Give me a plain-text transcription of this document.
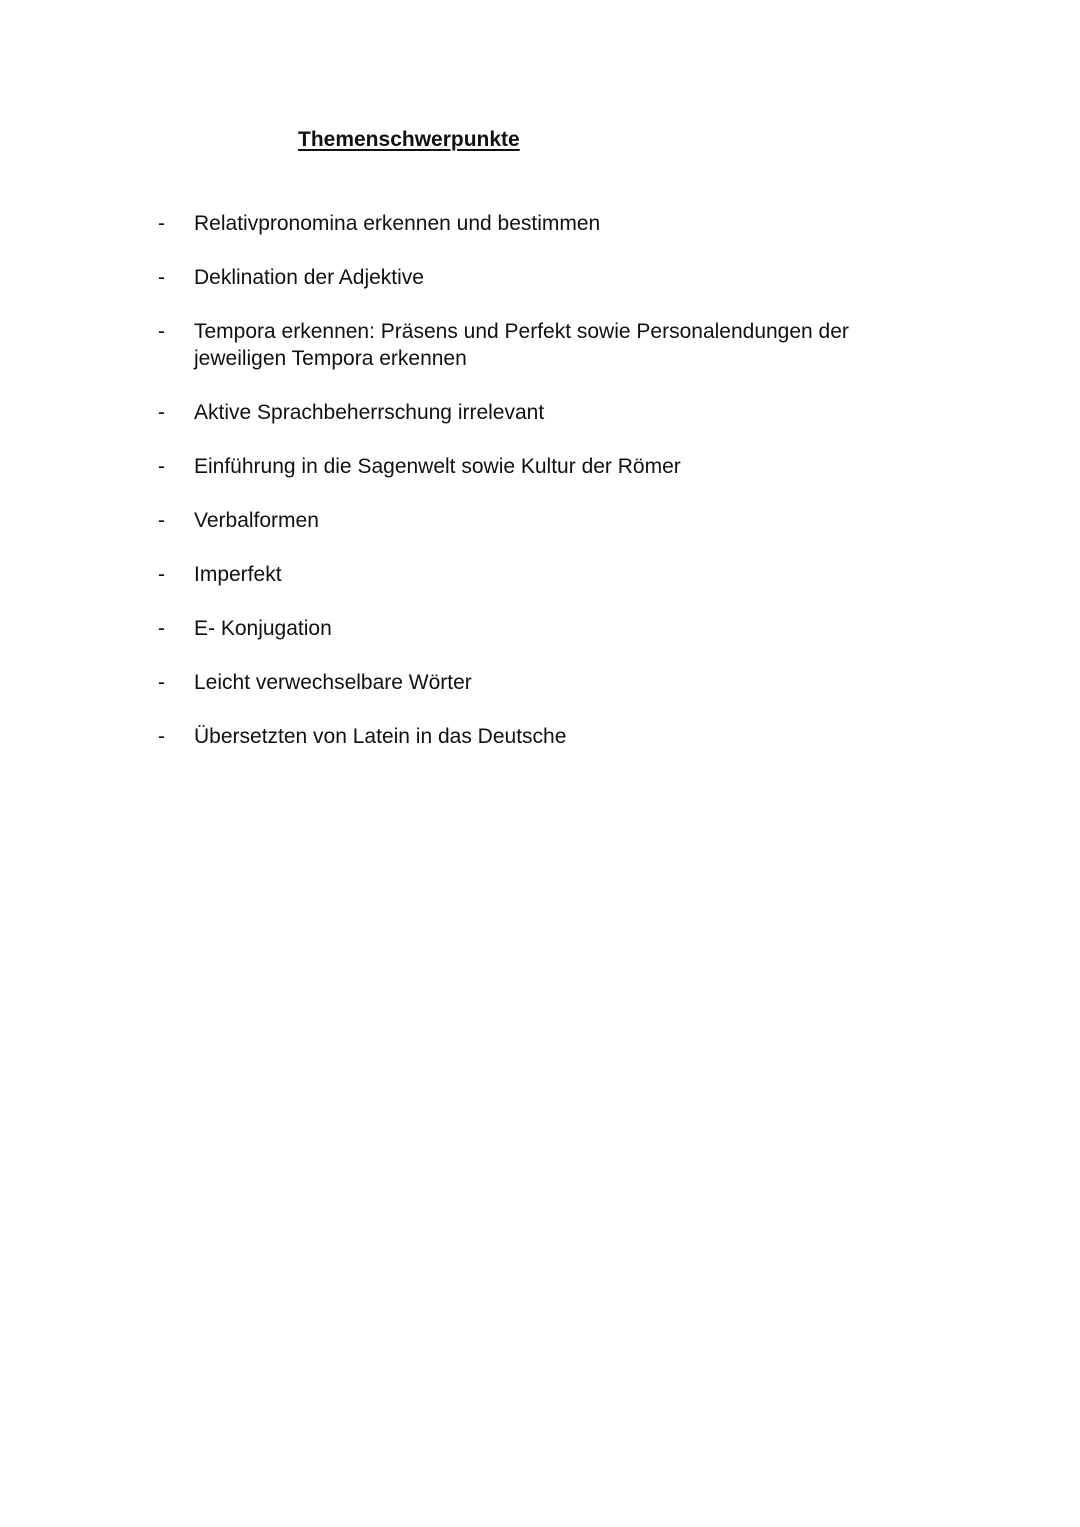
Themenschwerpunkte
- Relativpronomina erkennen und bestimmen
- Deklination der Adjektive
- Tempora erkennen: Präsens und Perfekt sowie Personalendungen der jeweiligen Tempora erkennen
- Aktive Sprachbeherrschung irrelevant
- Einführung in die Sagenwelt sowie Kultur der Römer
- Verbalformen
- Imperfekt
- E- Konjugation
- Leicht verwechselbare Wörter
- Übersetzten von Latein in das Deutsche
